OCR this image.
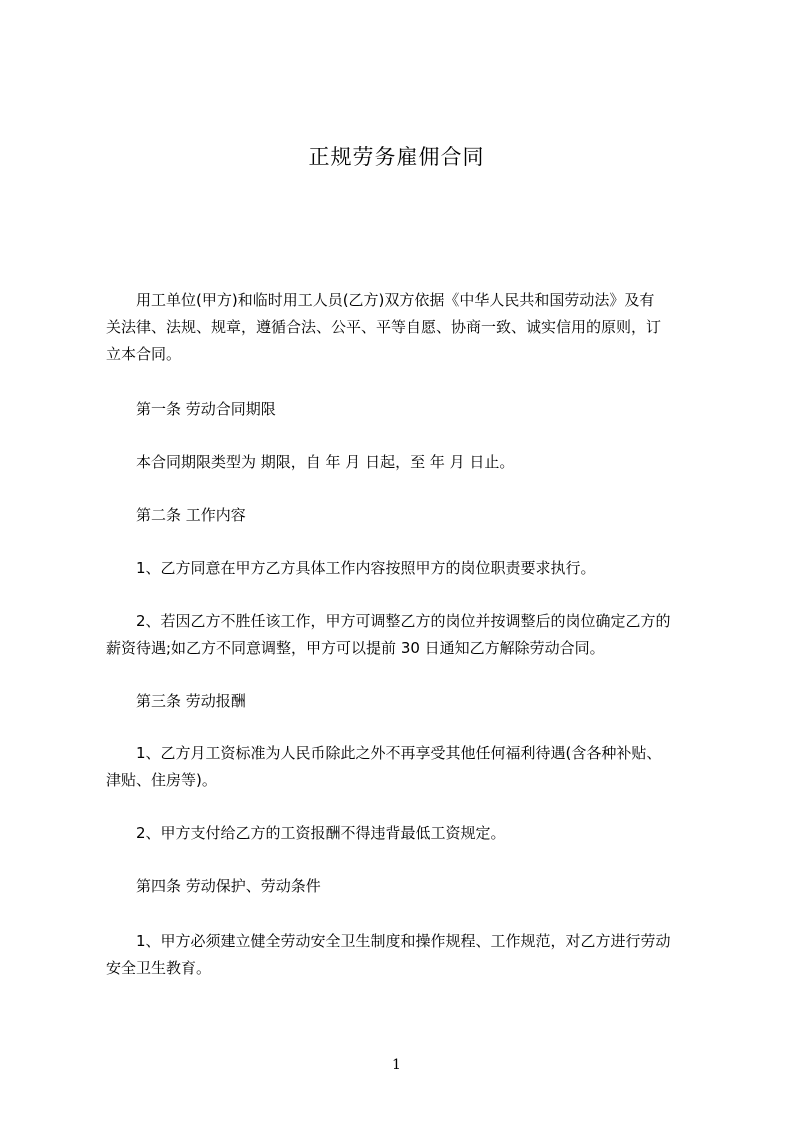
正规劳务雇佣合同
用工单位(甲方)和临时用工人员(乙方)双方依据《中华人民共和国劳动法》及有
关法律、法规、规章，遵循合法、公平、平等自愿、协商一致、诚实信用的原则，订
立本合同。
第一条 劳动合同期限
本合同期限类型为 期限，自 年 月 日起，至 年 月 日止。
第二条 工作内容
1、乙方同意在甲方乙方具体工作内容按照甲方的岗位职责要求执行。
2、若因乙方不胜任该工作，甲方可调整乙方的岗位并按调整后的岗位确定乙方的
薪资待遇;如乙方不同意调整，甲方可以提前 30 日通知乙方解除劳动合同。
第三条 劳动报酬
1、乙方月工资标准为人民币除此之外不再享受其他任何福利待遇(含各种补贴、
津贴、住房等)。
2、甲方支付给乙方的工资报酬不得违背最低工资规定。
第四条 劳动保护、劳动条件
1、甲方必须建立健全劳动安全卫生制度和操作规程、工作规范，对乙方进行劳动
安全卫生教育。
1
